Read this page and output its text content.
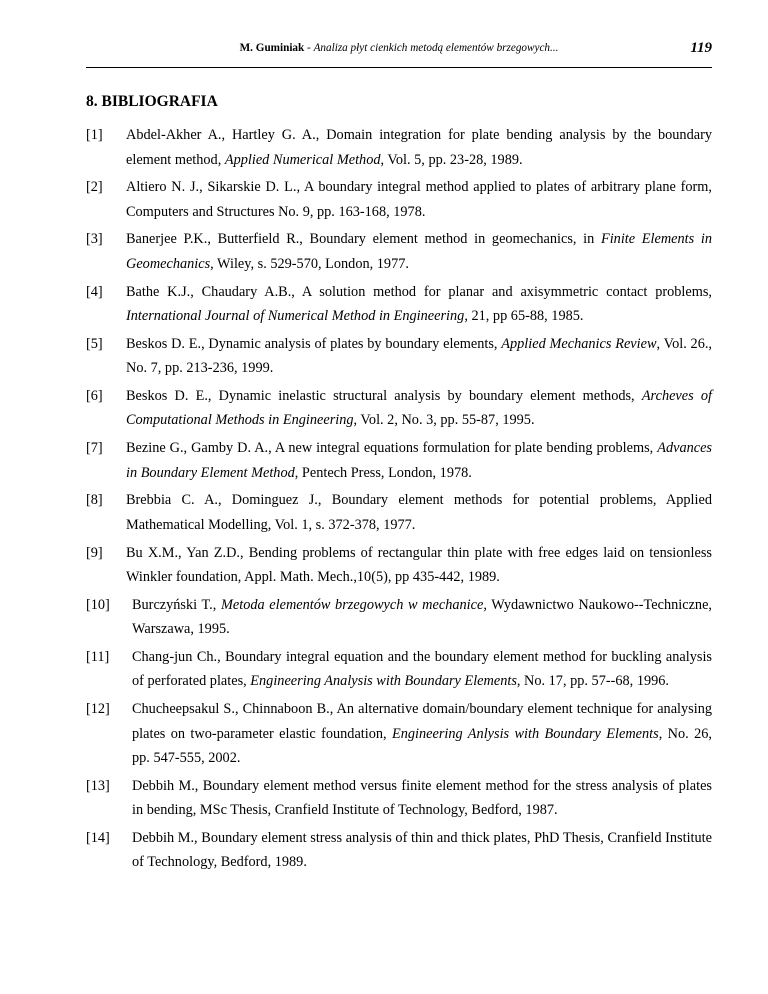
M. Guminiak - Analiza płyt cienkich metodą elementów brzegowych...	119
8. BIBLIOGRAFIA
[1]	Abdel-Akher A., Hartley G. A., Domain integration for plate bending analysis by the boundary element method, Applied Numerical Method, Vol. 5, pp. 23-28, 1989.
[2]	Altiero N. J., Sikarskie D. L., A boundary integral method applied to plates of arbitrary plane form, Computers and Structures No. 9, pp. 163-168, 1978.
[3]	Banerjee P.K., Butterfield R., Boundary element method in geomechanics, in Finite Elements in Geomechanics, Wiley, s. 529-570, London, 1977.
[4]	Bathe K.J., Chaudary A.B., A solution method for planar and axisymmetric contact problems, International Journal of Numerical Method in Engineering, 21, pp 65-88, 1985.
[5]	Beskos D. E., Dynamic analysis of plates by boundary elements, Applied Mechanics Review, Vol. 26., No. 7, pp. 213-236, 1999.
[6]	Beskos D. E., Dynamic inelastic structural analysis by boundary element methods, Archeves of Computational Methods in Engineering, Vol. 2, No. 3, pp. 55-87, 1995.
[7]	Bezine G., Gamby D. A., A new integral equations formulation for plate bending problems, Advances in Boundary Element Method, Pentech Press, London, 1978.
[8]	Brebbia C. A., Dominguez J., Boundary element methods for potential problems, Applied Mathematical Modelling, Vol. 1, s. 372-378, 1977.
[9]	Bu X.M., Yan Z.D., Bending problems of rectangular thin plate with free edges laid on tensionless Winkler foundation, Appl. Math. Mech.,10(5), pp 435-442, 1989.
[10]	Burczyński T., Metoda elementów brzegowych w mechanice, Wydawnictwo Naukowo--Techniczne, Warszawa, 1995.
[11]	Chang-jun Ch., Boundary integral equation and the boundary element method for buckling analysis of perforated plates, Engineering Analysis with Boundary Elements, No. 17, pp. 57--68, 1996.
[12]	Chucheepsakul S., Chinnaboon B., An alternative domain/boundary element technique for analysing plates on two-parameter elastic foundation, Engineering Anlysis with Boundary Elements, No. 26, pp. 547-555, 2002.
[13]	Debbih M., Boundary element method versus finite element method for the stress analysis of plates in bending, MSc Thesis, Cranfield Institute of Technology, Bedford, 1987.
[14]	Debbih M., Boundary element stress analysis of thin and thick plates, PhD Thesis, Cranfield Institute of Technology, Bedford, 1989.
